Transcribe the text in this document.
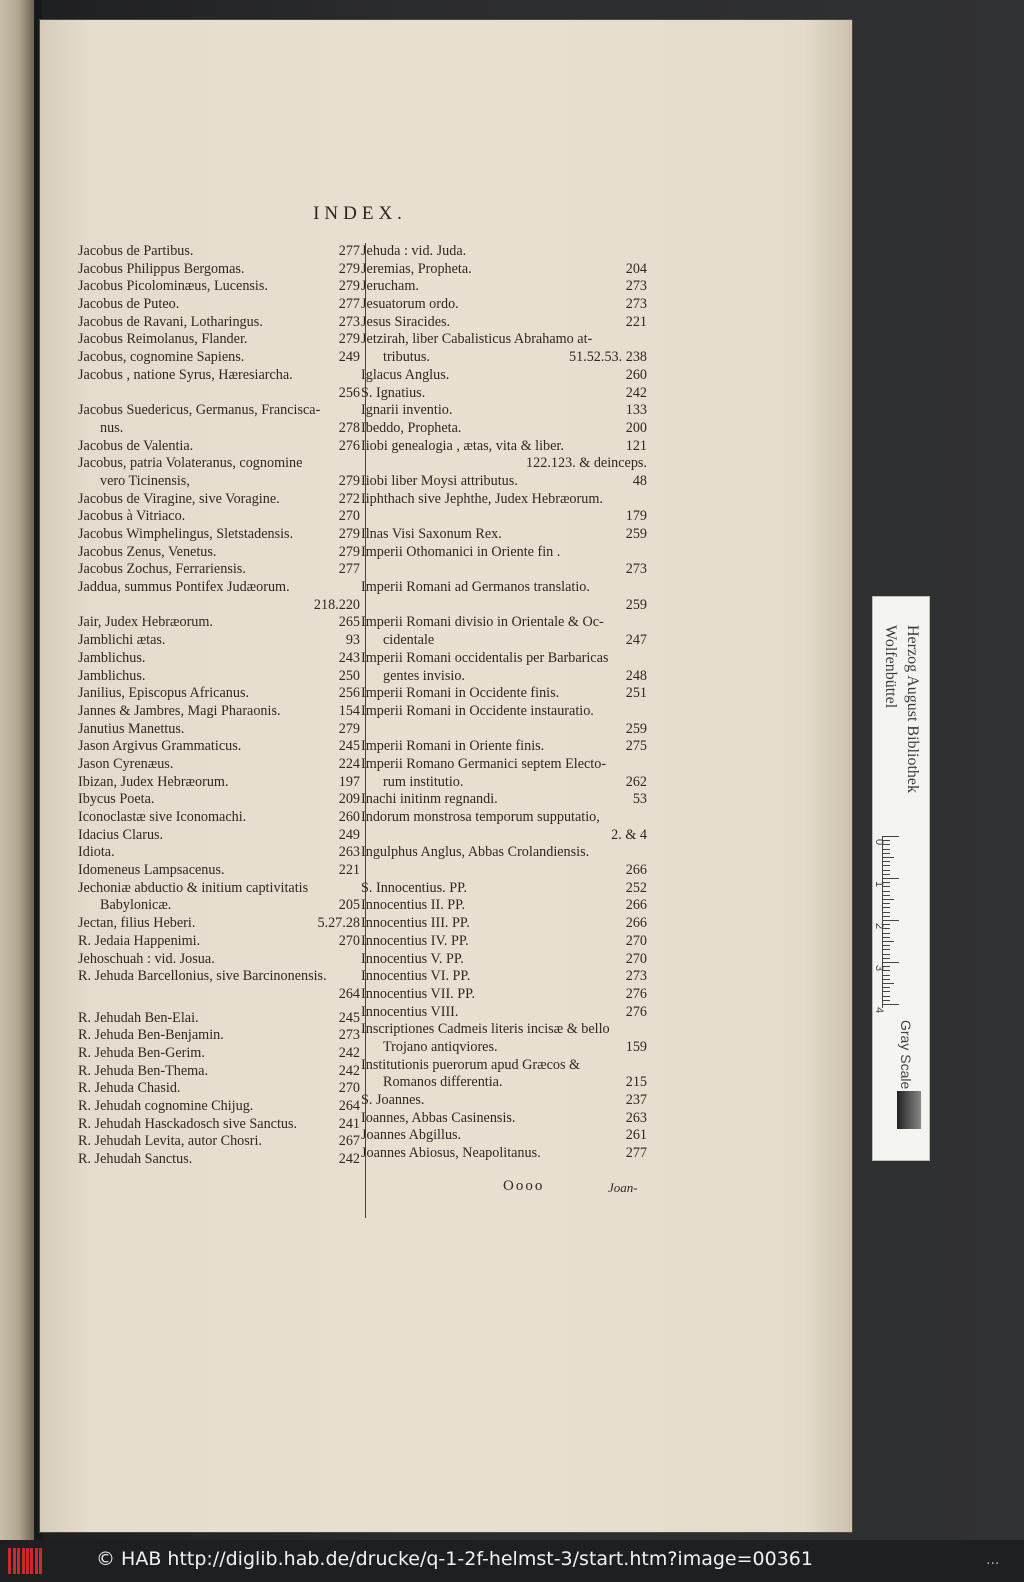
INDEX.
Jacobus de Partibus.	277
Jacobus Philippus Bergomas.	279
Jacobus Picolominæus, Lucensis.	279
Jacobus de Puteo.	277
Jacobus de Ravani, Lotharingus.	273
Jacobus Reimolanus, Flander.	279
Jacobus, cognomine Sapiens.	249
Jacobus , natione Syrus, Hæresiarcha.
256
Jacobus Suedericus, Germanus, Francisca-
nus.	278
Jacobus de Valentia.	276
Jacobus, patria Volateranus, cognomine
vero Ticinensis,	279
Jacobus de Viragine, sive Voragine.	272
Jacobus à Vitriaco.	270
Jacobus Wimphelingus, Sletstadensis.	279
Jacobus Zenus, Venetus.	279
Jacobus Zochus, Ferrariensis.	277
Jaddua, summus Pontifex Judæorum.
218.220
Jair, Judex Hebræorum.	265
Jamblichi ætas.	93
Jamblichus.	243
Jamblichus.	250
Janilius, Episcopus Africanus.	256
Jannes & Jambres, Magi Pharaonis.	154
Janutius Manettus.	279
Jason Argivus Grammaticus.	245
Jason Cyrenæus.	224
Ibizan, Judex Hebræorum.	197
Ibycus Poeta.	209
Iconoclastæ sive Iconomachi.	260
Idacius Clarus.	249
Idiota.	263
Idomeneus Lampsacenus.	221
Jechoniæ abductio & initium captivitatis
Babylonicæ.	205
Jectan, filius Heberi.	5.27.28
R. Jedaia Happenimi.	270
Jehoschuah : vid. Josua.
R. Jehuda Barcellonius, sive Barcinonensis.
264
R. Jehudah Ben-Elai.	245
R. Jehuda Ben-Benjamin.	273
R. Jehuda Ben-Gerim.	242
R. Jehuda Ben-Thema.	242
R. Jehuda Chasid.	270
R. Jehudah cognomine Chijug.	264
R. Jehudah Hasckadosch sive Sanctus.	241
R. Jehudah Levita, autor Chosri.	267
R. Jehudah Sanctus.	242
Jehuda : vid. Juda.
Jeremias, Propheta.	204
Jerucham.	273
Jesuatorum ordo.	273
Jesus Siracides.	221
Jetzirah, liber Cabalisticus Abrahamo at-
tributus.	51.52.53. 238
Iglacus Anglus.	260
S. Ignatius.	242
Ignarii inventio.	133
Ibeddo, Propheta.	200
Iiobi genealogia , ætas, vita & liber.	121
122.123. & deinceps.
Iiobi liber Moysi attributus.	48
Iiphthach sive Jephthe, Judex Hebræorum.
179
Ilnas Visi Saxonum Rex.	259
Imperii Othomanici in Oriente fin .
273
Imperii Romani ad Germanos translatio.
259
Imperii Romani divisio in Orientale & Oc-
cidentale	247
Imperii Romani occidentalis per Barbaricas
gentes invisio.	248
Imperii Romani in Occidente finis.	251
Imperii Romani in Occidente instauratio.
259
Imperii Romani in Oriente finis.	275
Imperii Romano Germanici septem Electo-
rum institutio.	262
Inachi initinm regnandi.	53
Indorum monstrosa temporum supputatio,
2. & 4
Ingulphus Anglus, Abbas Crolandiensis.
266
S. Innocentius. PP.	252
Innocentius II. PP.	266
Innocentius III. PP.	266
Innocentius IV. PP.	270
Innocentius V. PP.	270
Innocentius VI. PP.	273
Innocentius VII. PP.	276
Innocentius VIII.	276
Inscriptiones Cadmeis literis incisæ & bello
Trojano antiqviores.	159
Institutionis puerorum apud Græcos &
Romanos differentia.	215
S. Joannes.	237
Ioannes, Abbas Casinensis.	263
Joannes Abgillus.	261
Joannes Abiosus, Neapolitanus.	277
Oooo	Joan-
Herzog August Bibliothek
Wolfenbüttel
0
1
2
3
4
Gray Scale
© HAB http://diglib.hab.de/drucke/q-1-2f-helmst-3/start.htm?image=00361	...
